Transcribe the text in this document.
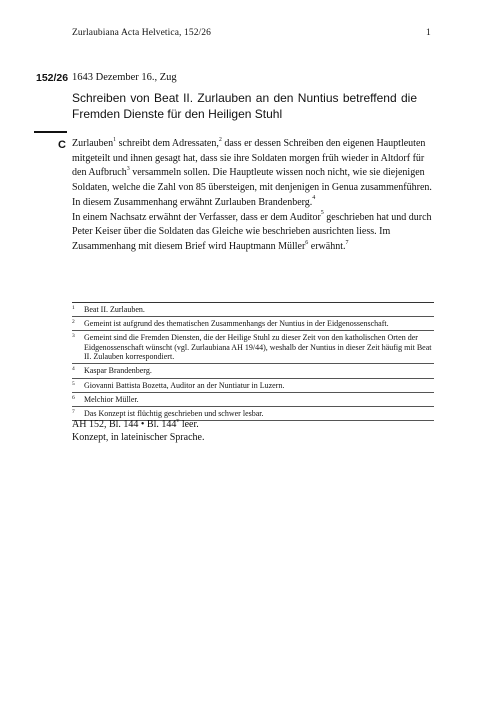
Zurlaubiana Acta Helvetica, 152/26	1
152/26 1643 Dezember 16., Zug
Schreiben von Beat II. Zurlauben an den Nuntius betreffend die Fremden Dienste für den Heiligen Stuhl
C Zurlauben$^1$ schreibt dem Adressaten,$^2$ dass er dessen Schreiben den eigenen Hauptleuten mitgeteilt und ihnen gesagt hat, dass sie ihre Soldaten morgen früh wieder in Altdorf für den Aufbruch$^3$ versammeln sollen. Die Hauptleute wissen noch nicht, wie sie diejenigen Soldaten, welche die Zahl von 85 übersteigen, mit denjenigen in Genua zusammenführen. In diesem Zusammenhang erwähnt Zurlauben Brandenberg.$^4$

In einem Nachsatz erwähnt der Verfasser, dass er dem Auditor$^5$ geschrieben hat und durch Peter Keiser über die Soldaten das Gleiche wie beschrieben ausrichten liess. Im Zusammenhang mit diesem Brief wird Hauptmann Müller$^6$ erwähnt.$^7$

1	Beat II. Zurlauben.
2	Gemeint ist aufgrund des thematischen Zusammenhangs der Nuntius in der Eidgenossenschaft.
3	Gemeint sind die Fremden Diensten, die der Heilige Stuhl zu dieser Zeit von den katholischen Orten der Eidgenossenschaft wünscht (vgl. Zurlaubiana AH 19/44), weshalb der Nuntius in dieser Zeit häufig mit Beat II. Zulauben korrespondiert.
4	Kaspar Brandenberg.
5	Giovanni Battista Bozetta, Auditor an der Nuntiatur in Luzern.
6	Melchior Müller.
7	Das Konzept ist flüchtig geschrieben und schwer lesbar.
AH 152, Bl. 144 • Bl. 144$^v$ leer.
Konzept, in lateinischer Sprache.
